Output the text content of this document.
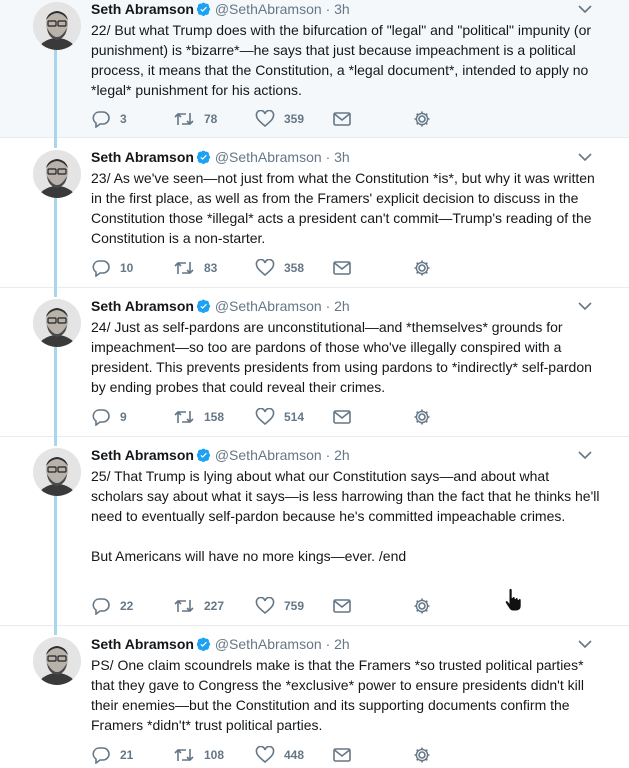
Seth Abramson @SethAbramson · 3h
22/ But what Trump does with the bifurcation of "legal" and "political" impunity (or punishment) is *bizarre*—he says that just because impeachment is a political process, it means that the Constitution, a *legal document*, intended to apply no *legal* punishment for his actions.
3	78	359
Seth Abramson @SethAbramson · 3h
23/ As we've seen—not just from what the Constitution *is*, but why it was written in the first place, as well as from the Framers' explicit decision to discuss in the Constitution those *illegal* acts a president can't commit—Trump's reading of the Constitution is a non-starter.
10	83	358
Seth Abramson @SethAbramson · 2h
24/ Just as self-pardons are unconstitutional—and *themselves* grounds for impeachment—so too are pardons of those who've illegally conspired with a president. This prevents presidents from using pardons to *indirectly* self-pardon by ending probes that could reveal their crimes.
9	158	514
Seth Abramson @SethAbramson · 2h
25/ That Trump is lying about what our Constitution says—and about what scholars say about what it says—is less harrowing than the fact that he thinks he'll need to eventually self-pardon because he's committed impeachable crimes.

But Americans will have no more kings—ever. /end
22	227	759
Seth Abramson @SethAbramson · 2h
PS/ One claim scoundrels make is that the Framers *so trusted political parties* that they gave to Congress the *exclusive* power to ensure presidents didn't kill their enemies—but the Constitution and its supporting documents confirm the Framers *didn't* trust political parties.
21	108	448
